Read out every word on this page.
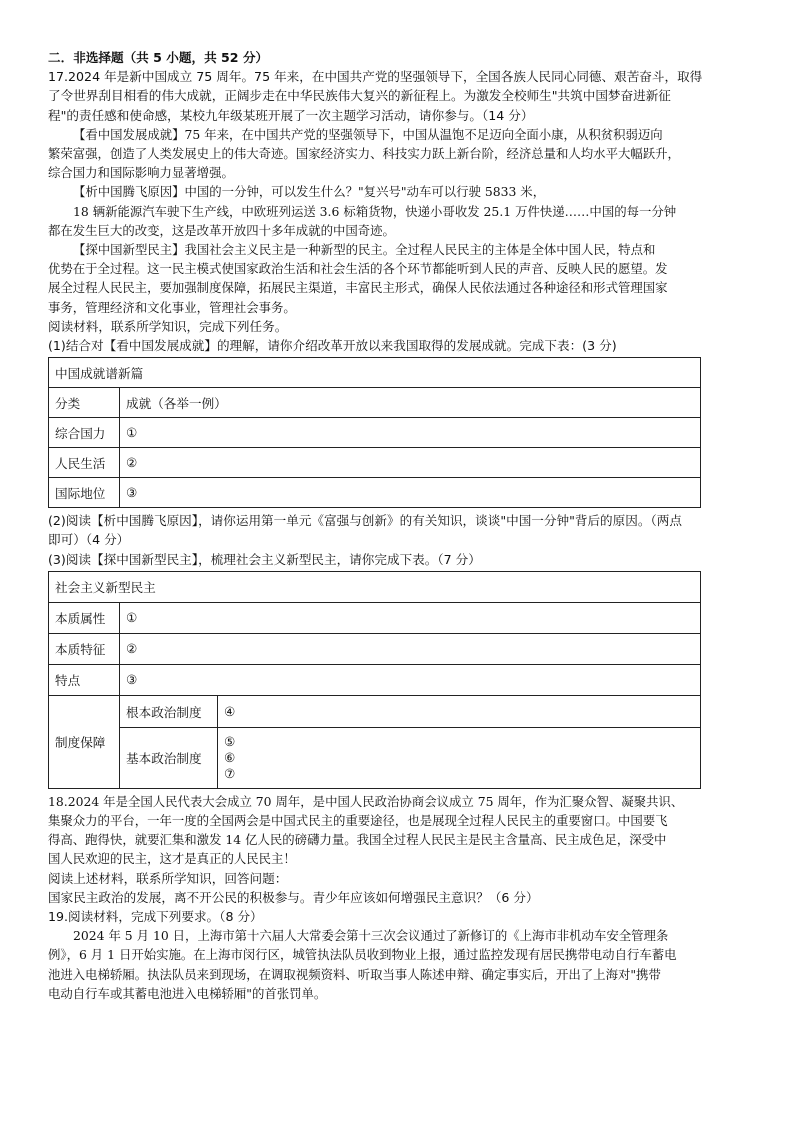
二．非选择题（共 5 小题，共 52 分）
17.2024 年是新中国成立 75 周年。75 年来，在中国共产党的坚强领导下，全国各族人民同心同德、艰苦奋斗，取得
了令世界刮目相看的伟大成就，正阔步走在中华民族伟大复兴的新征程上。为激发全校师生"共筑中国梦奋进新征
程"的责任感和使命感，某校九年级某班开展了一次主题学习活动，请你参与。（14 分）
【看中国发展成就】75 年来，在中国共产党的坚强领导下，中国从温饱不足迈向全面小康，从积贫积弱迈向
繁荣富强，创造了人类发展史上的伟大奇迹。国家经济实力、科技实力跃上新台阶，经济总量和人均水平大幅跃升，
综合国力和国际影响力显著增强。
【析中国腾飞原因】中国的一分钟，可以发生什么？"复兴号"动车可以行驶 5833 米，
18 辆新能源汽车驶下生产线，中欧班列运送 3.6 标箱货物，快递小哥收发 25.1 万件快递……中国的每一分钟
都在发生巨大的改变，这是改革开放四十多年成就的中国奇迹。
【探中国新型民主】我国社会主义民主是一种新型的民主。全过程人民民主的主体是全体中国人民，特点和
优势在于全过程。这一民主模式使国家政治生活和社会生活的各个环节都能听到人民的声音、反映人民的愿望。发
展全过程人民民主，要加强制度保障，拓展民主渠道，丰富民主形式，确保人民依法通过各种途径和形式管理国家
事务，管理经济和文化事业，管理社会事务。
阅读材料，联系所学知识，完成下列任务。
(1)结合对【看中国发展成就】的理解，请你介绍改革开放以来我国取得的发展成就。完成下表：(3 分)
中国成就谱新篇	
分类	成就（各举一例）
综合国力	①
人民生活	②
国际地位	③
(2)阅读【析中国腾飞原因】，请你运用第一单元《富强与创新》的有关知识，谈谈"中国一分钟"背后的原因。（两点
即可）（4 分）
(3)阅读【探中国新型民主】，梳理社会主义新型民主，请你完成下表。（7 分）
社会主义新型民主		
本质属性	①	
本质特征	②	
特点	③	
制度保障	根本政治制度	④
	基本政治制度	⑤
⑥
⑦
18.2024 年是全国人民代表大会成立 70 周年，是中国人民政治协商会议成立 75 周年，作为汇聚众智、凝聚共识、
集聚众力的平台，一年一度的全国两会是中国式民主的重要途径，也是展现全过程人民民主的重要窗口。中国要飞
得高、跑得快，就要汇集和激发 14 亿人民的磅礴力量。我国全过程人民民主是民主含量高、民主成色足，深受中
国人民欢迎的民主，这才是真正的人民民主！
阅读上述材料，联系所学知识，回答问题：
国家民主政治的发展，离不开公民的积极参与。青少年应该如何增强民主意识？（6 分）
19.阅读材料，完成下列要求。（8 分）
2024 年 5 月 10 日，上海市第十六届人大常委会第十三次会议通过了新修订的《上海市非机动车安全管理条
例》，6 月 1 日开始实施。在上海市闵行区，城管执法队员收到物业上报，通过监控发现有居民携带电动自行车蓄电
池进入电梯轿厢。执法队员来到现场，在调取视频资料、听取当事人陈述申辩、确定事实后，开出了上海对"携带
电动自行车或其蓄电池进入电梯轿厢"的首张罚单。
